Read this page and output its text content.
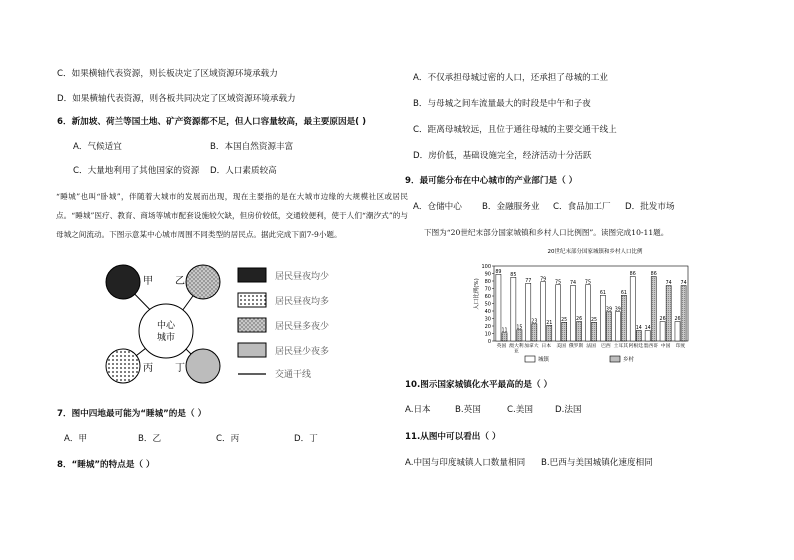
C．如果横轴代表资源，则长板决定了区域资源环境承载力
D．如果横轴代表资源，则各板共同决定了区域资源环境承载力
6．新加坡、荷兰等国土地、矿产资源都不足，但人口容量较高，最主要原因是( )
A．气候适宜	B．本国自然资源丰富
C．大量地利用了其他国家的资源 D．人口素质较高
“睡城”也叫“卧城”，伴随着大城市的发展而出现，现在主要指的是在大城市边缘的大规模社区或居民点。“睡城”医疗、教育、商场等城市配套设施较欠缺，但房价较低，交通较便利，使于人们“潮汐式”的与母城之间流动。下图示意某中心城市周围不同类型的居民点。据此完成下面7-9小题。
中心
城市
甲 乙
丙 丁
居民昼夜均少
居民昼夜均多
居民昼多夜少
居民昼少夜多
交通干线
7．图中四地最可能为“睡城”的是（ ）
A．甲	B．乙	C．丙	D．丁
8．“睡城”的特点是（ ）
A．不仅承担母城过密的人口，还承担了母城的工业
B．与母城之间车流量最大的时段是中午和子夜
C．距离母城较远，且位于通往母城的主要交通干线上
D．房价低，基础设施完全，经济活动十分活跃
9．最可能分布在中心城市的产业部门是（ ）
A．仓储中心 B．金融服务业 C．食品加工厂 D．批发市场
下图为“20世纪末部分国家城镇和乡村人口比例图”。读图完成10-11题。
20世纪末部分国家城镇和乡村人口比例
人口比例(%)
0
10
20
30
40
50
60
70
80
90
100
89
11
英国
85
15
澳大利
亚
77
23
加拿大
79
21
日本
75
25
美国
74
26
俄罗斯
75
25
法国
61
39
巴西
39
61
土耳其
86
14
阿根廷
14
86
墨西哥
26
74
中国
26
74
印度
城镇	乡村
10.图示国家城镇化水平最高的是（ ）
A.日本	B.英国	C.美国	D.法国
11.从图中可以看出（ ）
A.中国与印度城镇人口数量相同 B.巴西与美国城镇化速度相同
